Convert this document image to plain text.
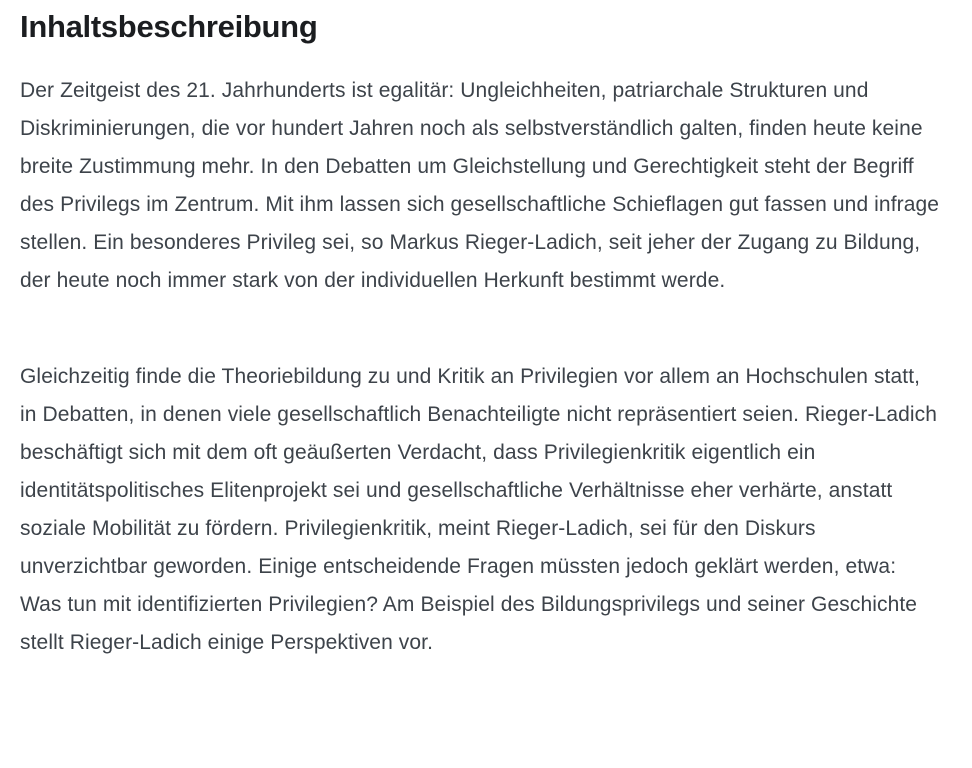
Inhaltsbeschreibung

Der Zeitgeist des 21. Jahrhunderts ist egalitär: Ungleichheiten, patriarchale Strukturen und Diskriminierungen, die vor hundert Jahren noch als selbstverständlich galten, finden heute keine breite Zustimmung mehr. In den Debatten um Gleichstellung und Gerechtigkeit steht der Begriff des Privilegs im Zentrum. Mit ihm lassen sich gesellschaftliche Schieflagen gut fassen und infrage stellen. Ein besonderes Privileg sei, so Markus Rieger-Ladich, seit jeher der Zugang zu Bildung, der heute noch immer stark von der individuellen Herkunft bestimmt werde.

Gleichzeitig finde die Theoriebildung zu und Kritik an Privilegien vor allem an Hochschulen statt, in Debatten, in denen viele gesellschaftlich Benachteiligte nicht repräsentiert seien. Rieger-Ladich beschäftigt sich mit dem oft geäußerten Verdacht, dass Privilegienkritik eigentlich ein identitätspolitisches Elitenprojekt sei und gesellschaftliche Verhältnisse eher verhärte, anstatt soziale Mobilität zu fördern. Privilegienkritik, meint Rieger-Ladich, sei für den Diskurs unverzichtbar geworden. Einige entscheidende Fragen müssten jedoch geklärt werden, etwa: Was tun mit identifizierten Privilegien? Am Beispiel des Bildungsprivilegs und seiner Geschichte stellt Rieger-Ladich einige Perspektiven vor.
